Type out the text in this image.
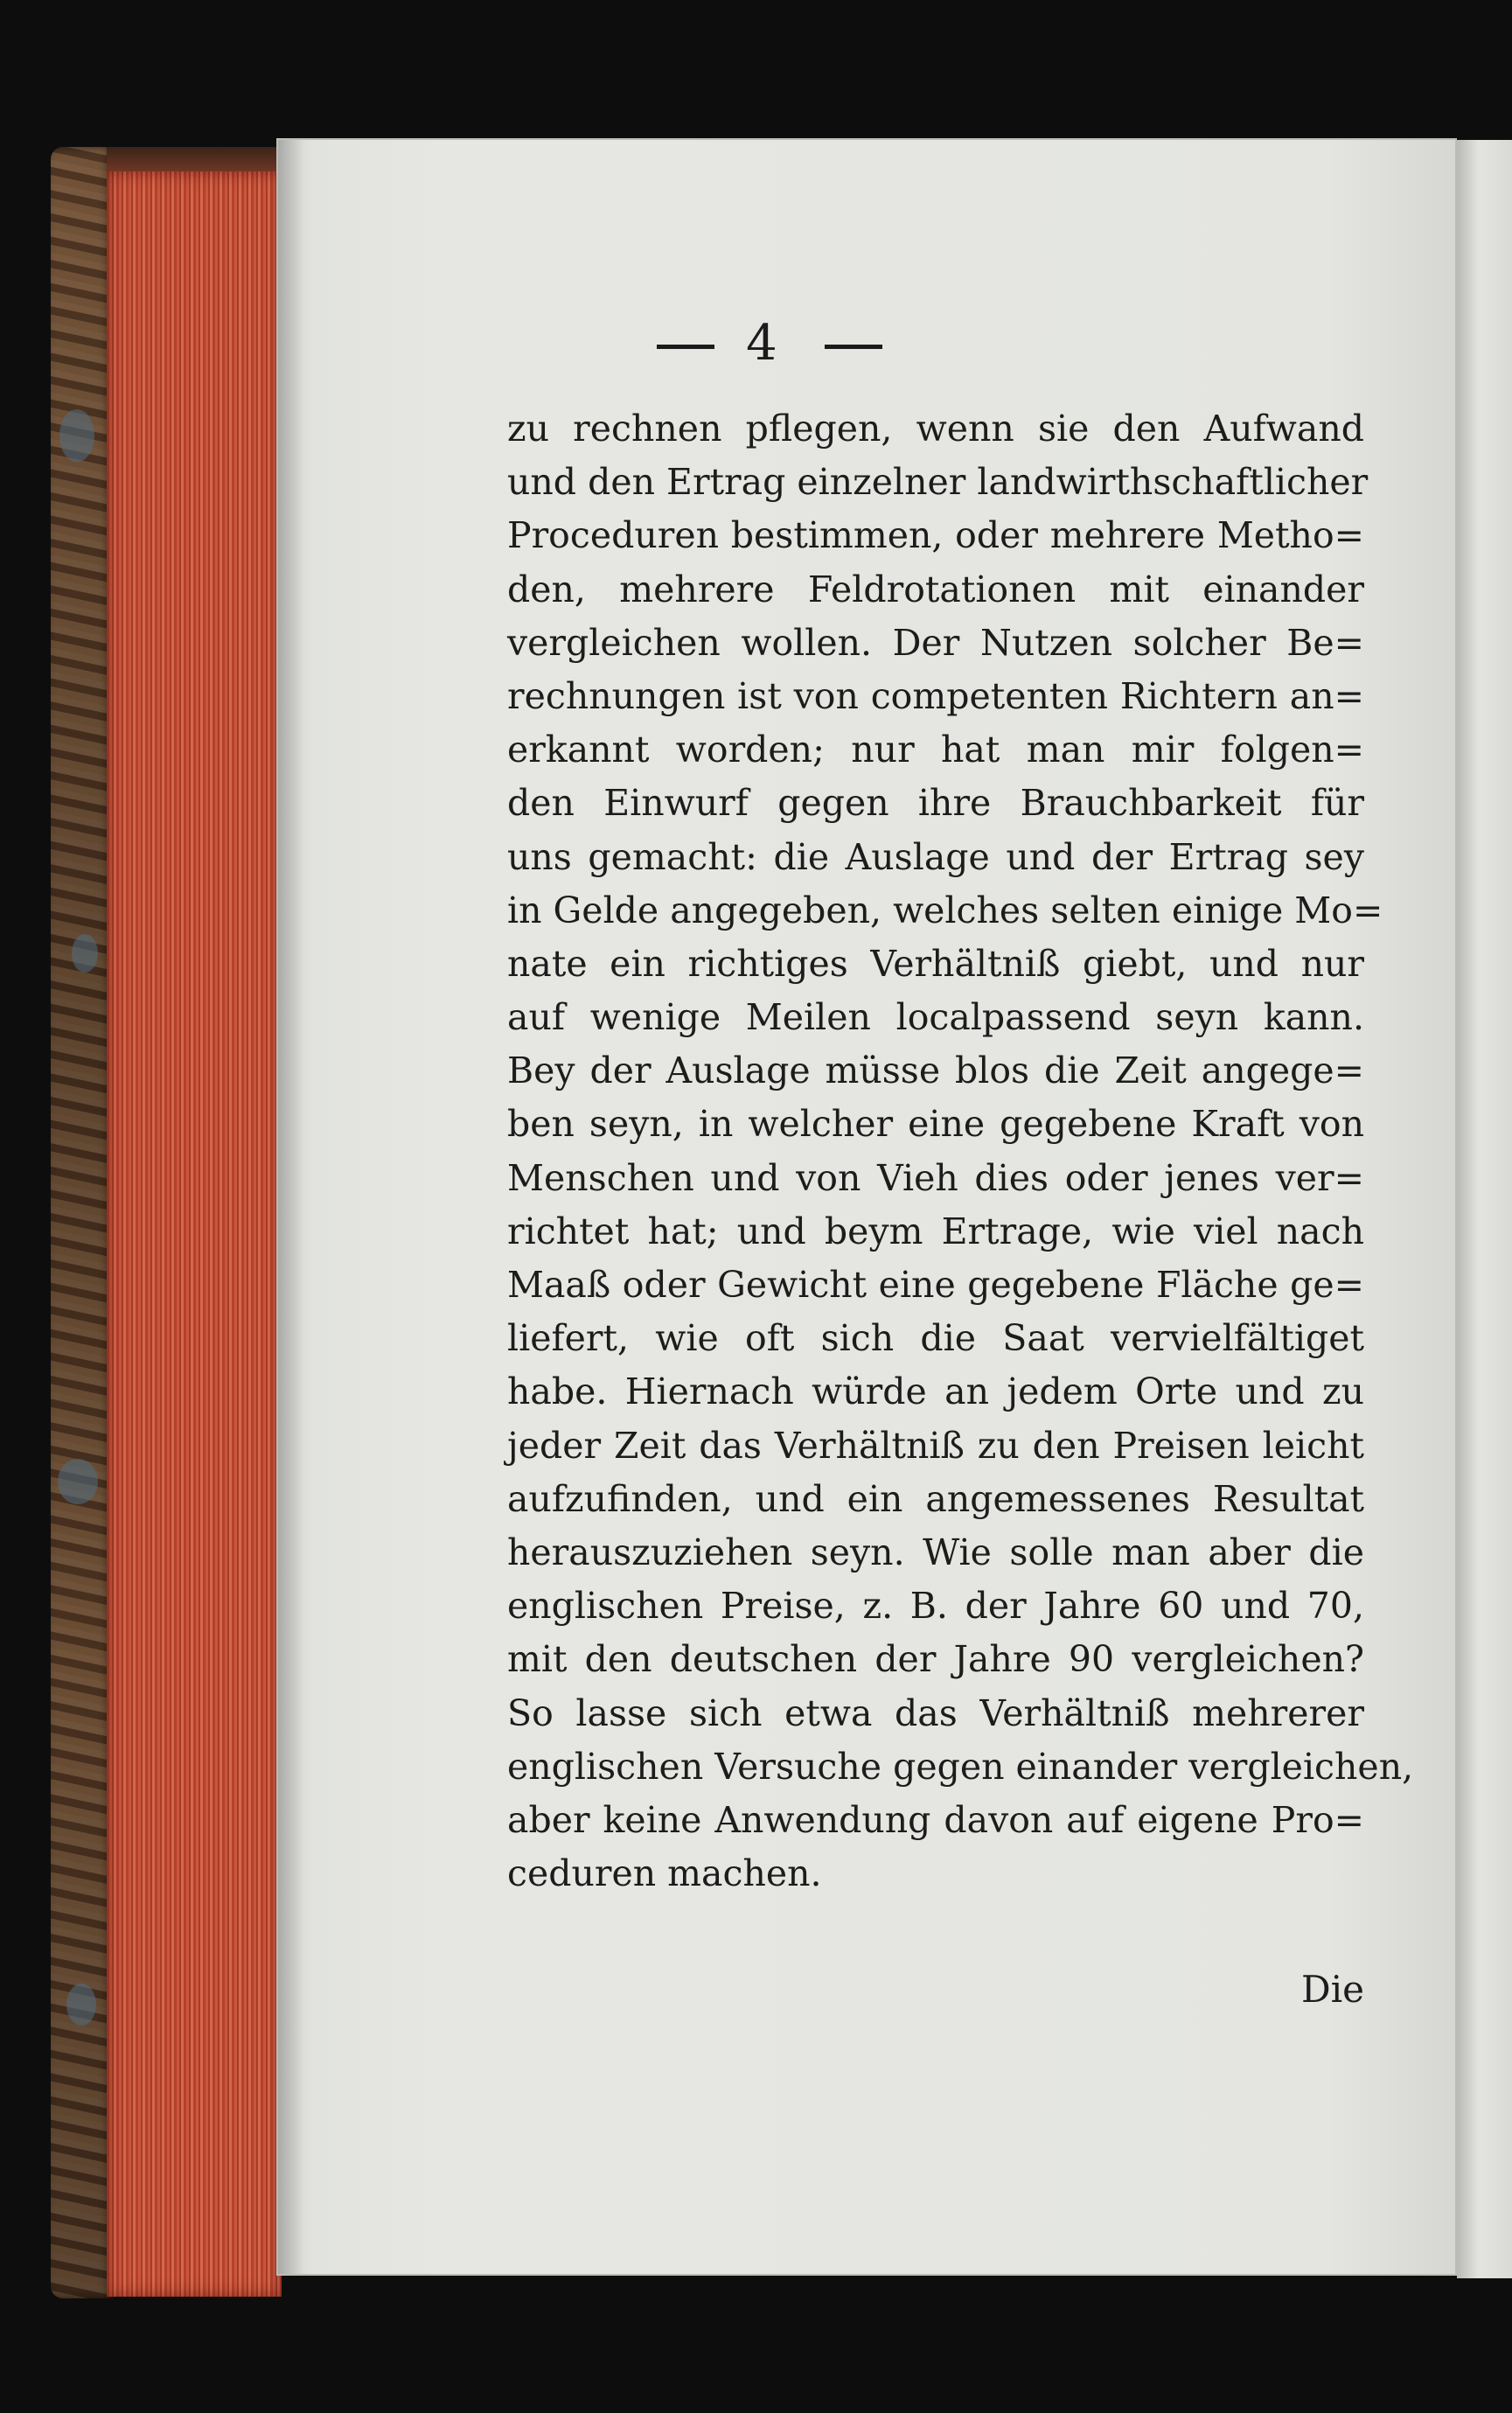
4
zu rechnen pflegen, wenn sie den Aufwand
und den Ertrag einzelner landwirthschaftlicher
Proceduren bestimmen, oder mehrere Metho=
den, mehrere Feldrotationen mit einander
vergleichen wollen. Der Nutzen solcher Be=
rechnungen ist von competenten Richtern an=
erkannt worden; nur hat man mir folgen=
den Einwurf gegen ihre Brauchbarkeit für
uns gemacht: die Auslage und der Ertrag sey
in Gelde angegeben, welches selten einige Mo=
nate ein richtiges Verhältniß giebt, und nur
auf wenige Meilen localpassend seyn kann.
Bey der Auslage müsse blos die Zeit angege=
ben seyn, in welcher eine gegebene Kraft von
Menschen und von Vieh dies oder jenes ver=
richtet hat; und beym Ertrage, wie viel nach
Maaß oder Gewicht eine gegebene Fläche ge=
liefert, wie oft sich die Saat vervielfältiget
habe. Hiernach würde an jedem Orte und zu
jeder Zeit das Verhältniß zu den Preisen leicht
aufzufinden, und ein angemessenes Resultat
herauszuziehen seyn. Wie solle man aber die
englischen Preise, z. B. der Jahre 60 und 70,
mit den deutschen der Jahre 90 vergleichen?
So lasse sich etwa das Verhältniß mehrerer
englischen Versuche gegen einander vergleichen,
aber keine Anwendung davon auf eigene Pro=
ceduren machen.
Die
